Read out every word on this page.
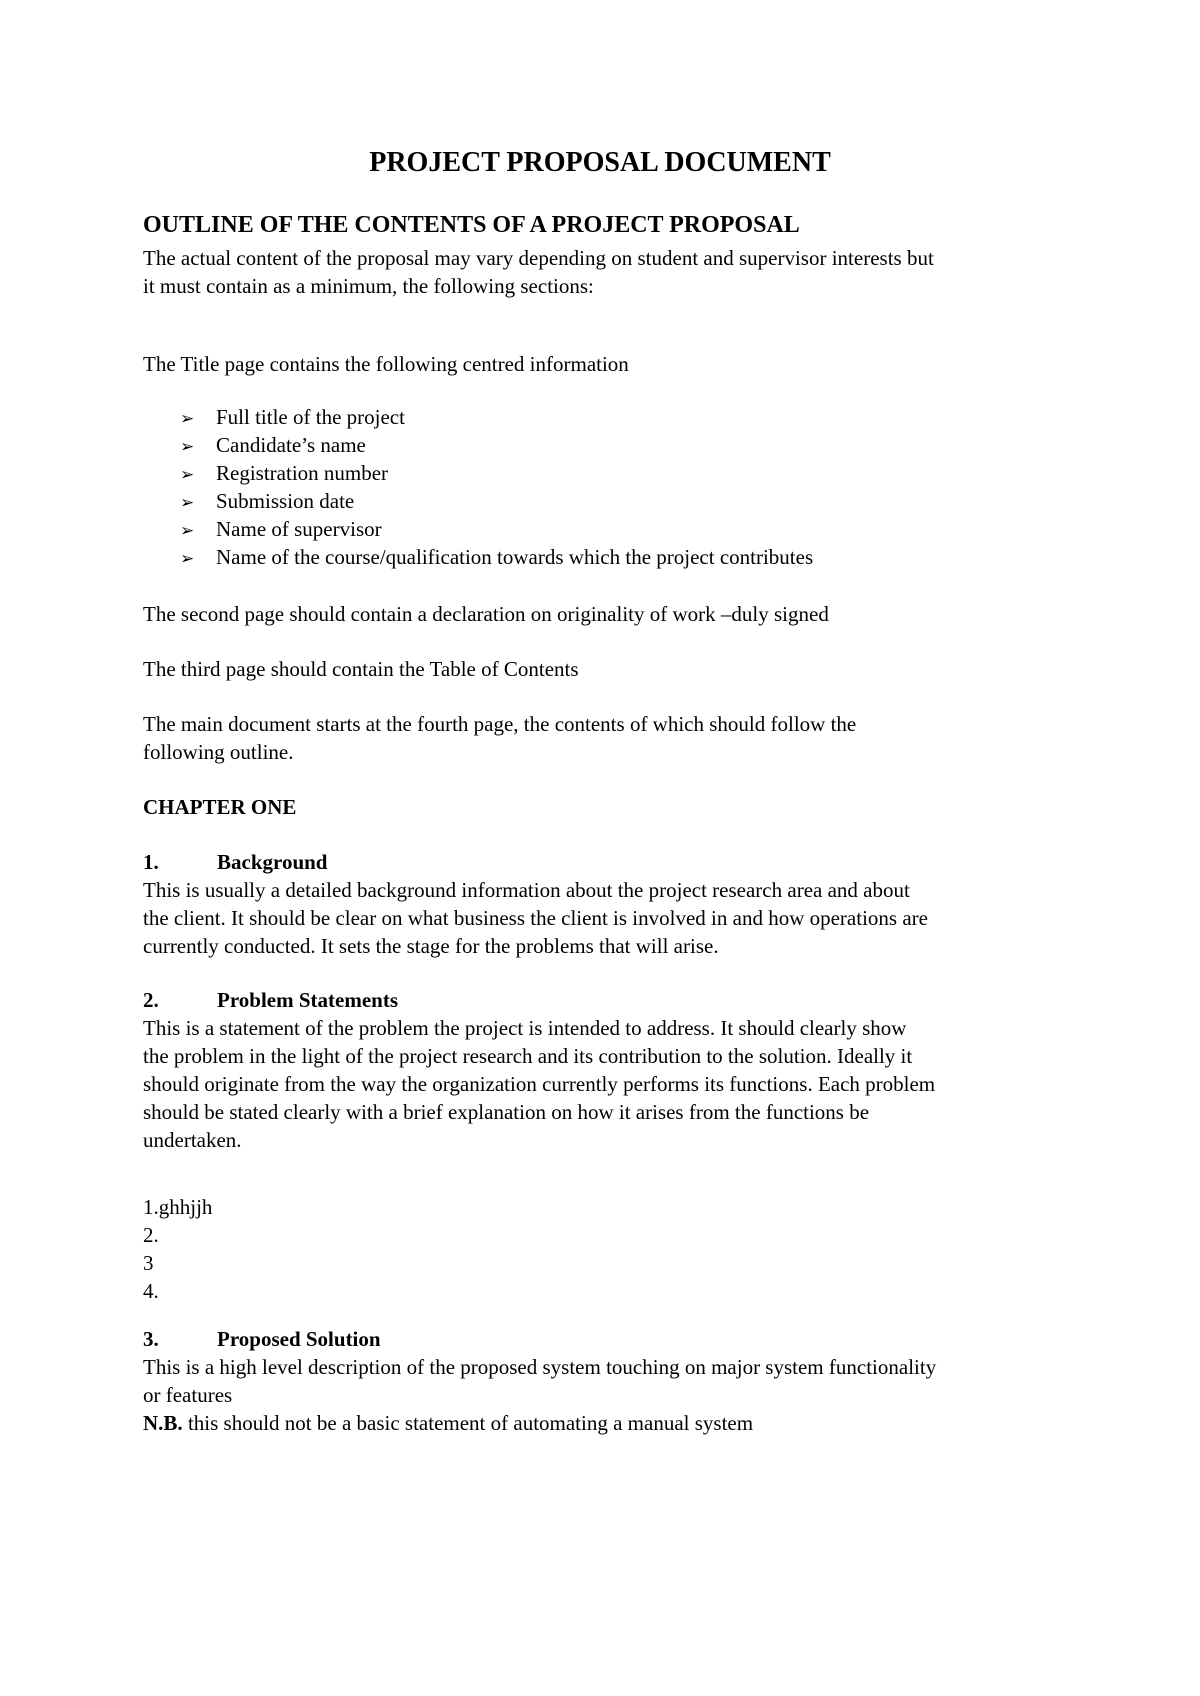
PROJECT PROPOSAL DOCUMENT
OUTLINE OF THE CONTENTS OF A PROJECT PROPOSAL
The actual content of the proposal may vary depending on student and supervisor interests but
it must contain as a minimum, the following sections:
The Title page contains the following centred information
➢ Full title of the project
➢ Candidate’s name
➢ Registration number
➢ Submission date
➢ Name of supervisor
➢ Name of the course/qualification towards which the project contributes
The second page should contain a declaration on originality of work –duly signed
The third page should contain the Table of Contents
The main document starts at the fourth page, the contents of which should follow the
following outline.
CHAPTER ONE
1.	Background
This is usually a detailed background information about the project research area and about
the client. It should be clear on what business the client is involved in and how operations are
currently conducted. It sets the stage for the problems that will arise.
2.	Problem Statements
This is a statement of the problem the project is intended to address. It should clearly show
the problem in the light of the project research and its contribution to the solution. Ideally it
should originate from the way the organization currently performs its functions. Each problem
should be stated clearly with a brief explanation on how it arises from the functions be
undertaken.
1.ghhjjh
2.
3
4.
3.	Proposed Solution
This is a high level description of the proposed system touching on major system functionality
or features
N.B. this should not be a basic statement of automating a manual system
